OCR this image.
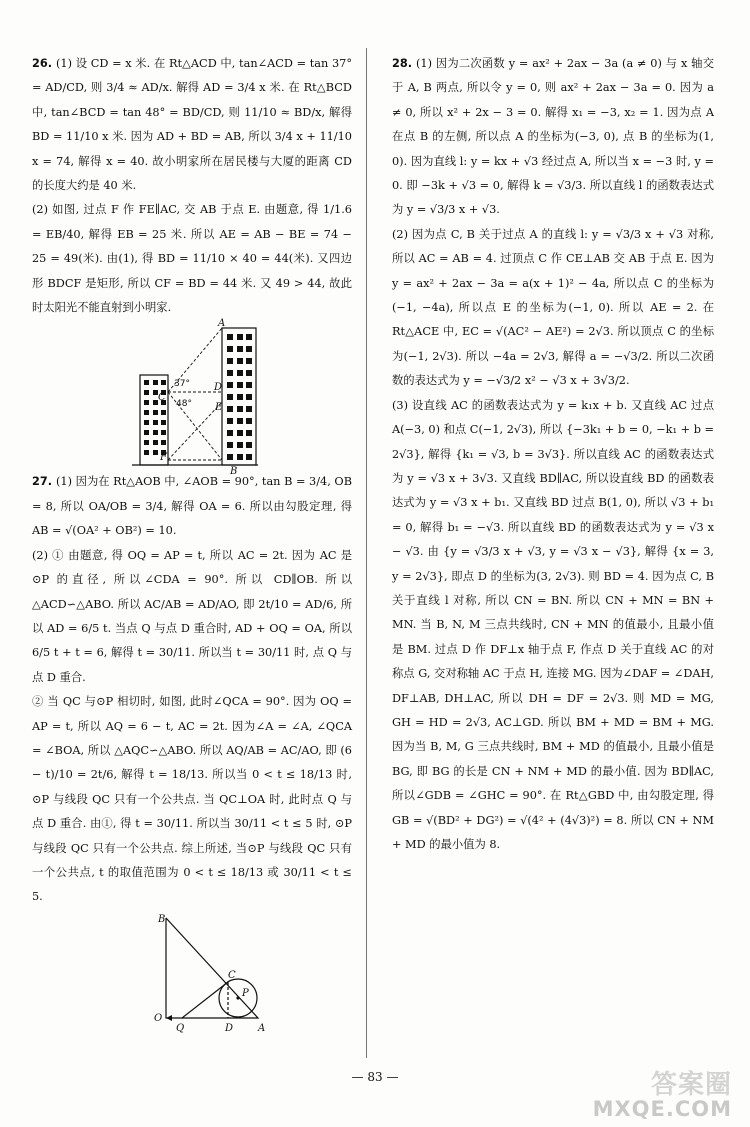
26. (1) 设 CD = x 米. 在 Rt△ACD 中, tan∠ACD = tan 37° = AD/CD, 则 3/4 ≈ AD/x. 解得 AD = 3/4 x 米. 在 Rt△BCD 中, tan∠BCD = tan 48° = BD/CD, 则 11/10 ≈ BD/x, 解得 BD = 11/10 x 米. 因为 AD + BD = AB, 所以 3/4 x + 11/10 x = 74, 解得 x = 40. 故小明家所在居民楼与大厦的距离 CD 的长度大约是 40 米.

(2) 如图, 过点 F 作 FE∥AC, 交 AB 于点 E. 由题意, 得 1/1.6 = EB/40, 解得 EB = 25 米. 所以 AE = AB − BE = 74 − 25 = 49(米). 由(1), 得 BD = 11/10 × 40 = 44(米). 又四边形 BDCF 是矩形, 所以 CF = BD = 44 米. 又 49 > 44, 故此时太阳光不能直射到小明家.

A
B
C
D
E
F
37°
48°

27. (1) 因为在 Rt△AOB 中, ∠AOB = 90°, tan B = 3/4, OB = 8, 所以 OA/OB = 3/4, 解得 OA = 6. 所以由勾股定理, 得 AB = √(OA² + OB²) = 10.

(2) ① 由题意, 得 OQ = AP = t, 所以 AC = 2t. 因为 AC 是⊙P 的直径, 所以∠CDA = 90°. 所以 CD∥OB. 所以 △ACD∽△ABO. 所以 AC/AB = AD/AO, 即 2t/10 = AD/6, 所以 AD = 6/5 t. 当点 Q 与点 D 重合时, AD + OQ = OA, 所以 6/5 t + t = 6, 解得 t = 30/11. 所以当 t = 30/11 时, 点 Q 与点 D 重合.

② 当 QC 与⊙P 相切时, 如图, 此时∠QCA = 90°. 因为 OQ = AP = t, 所以 AQ = 6 − t, AC = 2t. 因为∠A = ∠A, ∠QCA = ∠BOA, 所以 △AQC∽△ABO. 所以 AQ/AB = AC/AO, 即 (6 − t)/10 = 2t/6, 解得 t = 18/13. 所以当 0 < t ≤ 18/13 时, ⊙P 与线段 QC 只有一个公共点. 当 QC⊥OA 时, 此时点 Q 与点 D 重合. 由①, 得 t = 30/11. 所以当 30/11 < t ≤ 5 时, ⊙P 与线段 QC 只有一个公共点. 综上所述, 当⊙P 与线段 QC 只有一个公共点, t 的取值范围为 0 < t ≤ 18/13 或 30/11 < t ≤ 5.

B
C
P
O
Q	D A

28. (1) 因为二次函数 y = ax² + 2ax − 3a (a ≠ 0) 与 x 轴交于 A, B 两点, 所以令 y = 0, 则 ax² + 2ax − 3a = 0. 因为 a ≠ 0, 所以 x² + 2x − 3 = 0. 解得 x₁ = −3, x₂ = 1. 因为点 A 在点 B 的左侧, 所以点 A 的坐标为(−3, 0), 点 B 的坐标为(1, 0). 因为直线 l: y = kx + √3 经过点 A, 所以当 x = −3 时, y = 0. 即 −3k + √3 = 0, 解得 k = √3/3. 所以直线 l 的函数表达式为 y = √3/3 x + √3.

(2) 因为点 C, B 关于过点 A 的直线 l: y = √3/3 x + √3 对称, 所以 AC = AB = 4. 过顶点 C 作 CE⊥AB 交 AB 于点 E. 因为 y = ax² + 2ax − 3a = a(x + 1)² − 4a, 所以点 C 的坐标为(−1, −4a), 所以点 E 的坐标为(−1, 0). 所以 AE = 2. 在 Rt△ACE 中, EC = √(AC² − AE²) = 2√3. 所以顶点 C 的坐标为(−1, 2√3). 所以 −4a = 2√3, 解得 a = −√3/2. 所以二次函数的表达式为 y = −√3/2 x² − √3 x + 3√3/2.

(3) 设直线 AC 的函数表达式为 y = k₁x + b. 又直线 AC 过点 A(−3, 0) 和点 C(−1, 2√3), 所以 {−3k₁ + b = 0, −k₁ + b = 2√3}, 解得 {k₁ = √3, b = 3√3}. 所以直线 AC 的函数表达式为 y = √3 x + 3√3. 又直线 BD∥AC, 所以设直线 BD 的函数表达式为 y = √3 x + b₁. 又直线 BD 过点 B(1, 0), 所以 √3 + b₁ = 0, 解得 b₁ = −√3. 所以直线 BD 的函数表达式为 y = √3 x − √3. 由 {y = √3/3 x + √3, y = √3 x − √3}, 解得 {x = 3, y = 2√3}, 即点 D 的坐标为(3, 2√3). 则 BD = 4. 因为点 C, B 关于直线 l 对称, 所以 CN = BN. 所以 CN + MN = BN + MN. 当 B, N, M 三点共线时, CN + MN 的值最小, 且最小值是 BM. 过点 D 作 DF⊥x 轴于点 F, 作点 D 关于直线 AC 的对称点 G, 交对称轴 AC 于点 H, 连接 MG. 因为∠DAF = ∠DAH, DF⊥AB, DH⊥AC, 所以 DH = DF = 2√3. 则 MD = MG, GH = HD = 2√3, AC⊥GD. 所以 BM + MD = BM + MG. 因为当 B, M, G 三点共线时, BM + MD 的值最小, 且最小值是 BG, 即 BG 的长是 CN + NM + MD 的最小值. 因为 BD∥AC, 所以∠GDB = ∠GHC = 90°. 在 Rt△GBD 中, 由勾股定理, 得 GB = √(BD² + DG²) = √(4² + (4√3)²) = 8. 所以 CN + NM + MD 的最小值为 8.

— 83 —	答案圈
MXQE.COM
